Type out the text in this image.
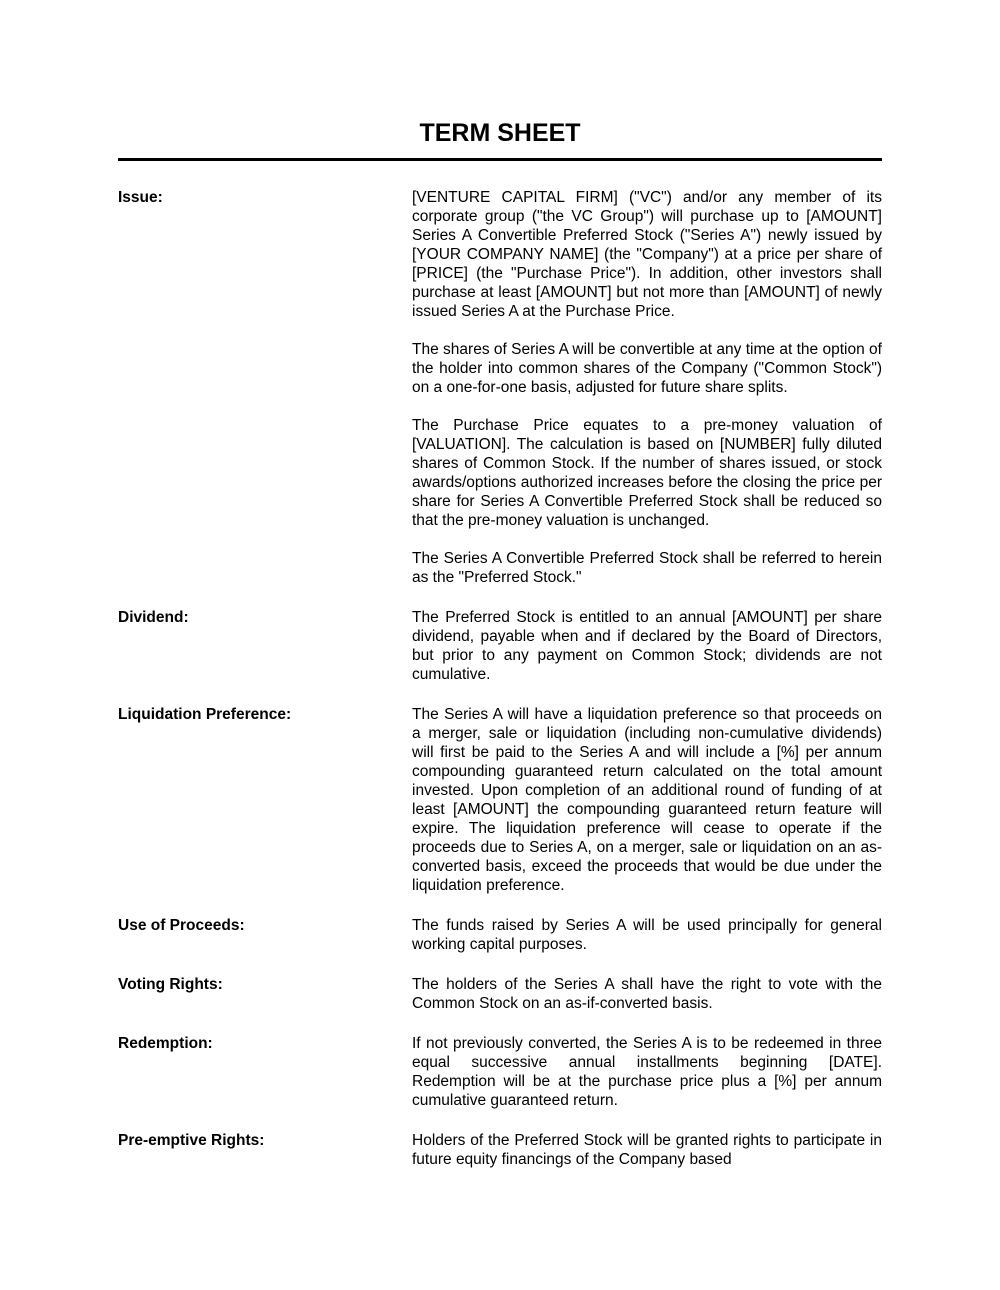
TERM SHEET
Issue:	[VENTURE CAPITAL FIRM] ("VC") and/or any member of its corporate group ("the VC Group") will purchase up to [AMOUNT] Series A Convertible Preferred Stock ("Series A") newly issued by [YOUR COMPANY NAME] (the "Company") at a price per share of [PRICE] (the "Purchase Price"). In addition, other investors shall purchase at least [AMOUNT] but not more than [AMOUNT] of newly issued Series A at the Purchase Price.

The shares of Series A will be convertible at any time at the option of the holder into common shares of the Company ("Common Stock") on a one-for-one basis, adjusted for future share splits.

The Purchase Price equates to a pre-money valuation of [VALUATION]. The calculation is based on [NUMBER] fully diluted shares of Common Stock. If the number of shares issued, or stock awards/options authorized increases before the closing the price per share for Series A Convertible Preferred Stock shall be reduced so that the pre-money valuation is unchanged.

The Series A Convertible Preferred Stock shall be referred to herein as the "Preferred Stock."

Dividend:	The Preferred Stock is entitled to an annual [AMOUNT] per share dividend, payable when and if declared by the Board of Directors, but prior to any payment on Common Stock; dividends are not cumulative.

Liquidation Preference:	The Series A will have a liquidation preference so that proceeds on a merger, sale or liquidation (including non-cumulative dividends) will first be paid to the Series A and will include a [%] per annum compounding guaranteed return calculated on the total amount invested. Upon completion of an additional round of funding of at least [AMOUNT] the compounding guaranteed return feature will expire. The liquidation preference will cease to operate if the proceeds due to Series A, on a merger, sale or liquidation on an as-converted basis, exceed the proceeds that would be due under the liquidation preference.

Use of Proceeds:	The funds raised by Series A will be used principally for general working capital purposes.

Voting Rights:	The holders of the Series A shall have the right to vote with the Common Stock on an as-if-converted basis.

Redemption:	If not previously converted, the Series A is to be redeemed in three equal successive annual installments beginning [DATE]. Redemption will be at the purchase price plus a [%] per annum cumulative guaranteed return.

Pre-emptive Rights:	Holders of the Preferred Stock will be granted rights to participate in future equity financings of the Company based
